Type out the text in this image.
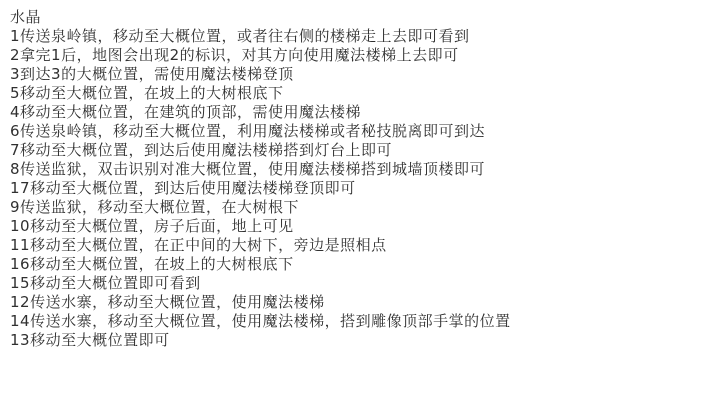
水晶
1传送泉岭镇，移动至大概位置，或者往右侧的楼梯走上去即可看到
2拿完1后，地图会出现2的标识，对其方向使用魔法楼梯上去即可
3到达3的大概位置，需使用魔法楼梯登顶
5移动至大概位置，在坡上的大树根底下
4移动至大概位置，在建筑的顶部，需使用魔法楼梯
6传送泉岭镇，移动至大概位置，利用魔法楼梯或者秘技脱离即可到达
7移动至大概位置，到达后使用魔法楼梯搭到灯台上即可
8传送监狱，双击识别对准大概位置，使用魔法楼梯搭到城墙顶楼即可
17移动至大概位置，到达后使用魔法楼梯登顶即可
9传送监狱，移动至大概位置，在大树根下
10移动至大概位置，房子后面，地上可见
11移动至大概位置，在正中间的大树下，旁边是照相点
16移动至大概位置，在坡上的大树根底下
15移动至大概位置即可看到
12传送水寨，移动至大概位置，使用魔法楼梯
14传送水寨，移动至大概位置，使用魔法楼梯，搭到雕像顶部手掌的位置
13移动至大概位置即可
